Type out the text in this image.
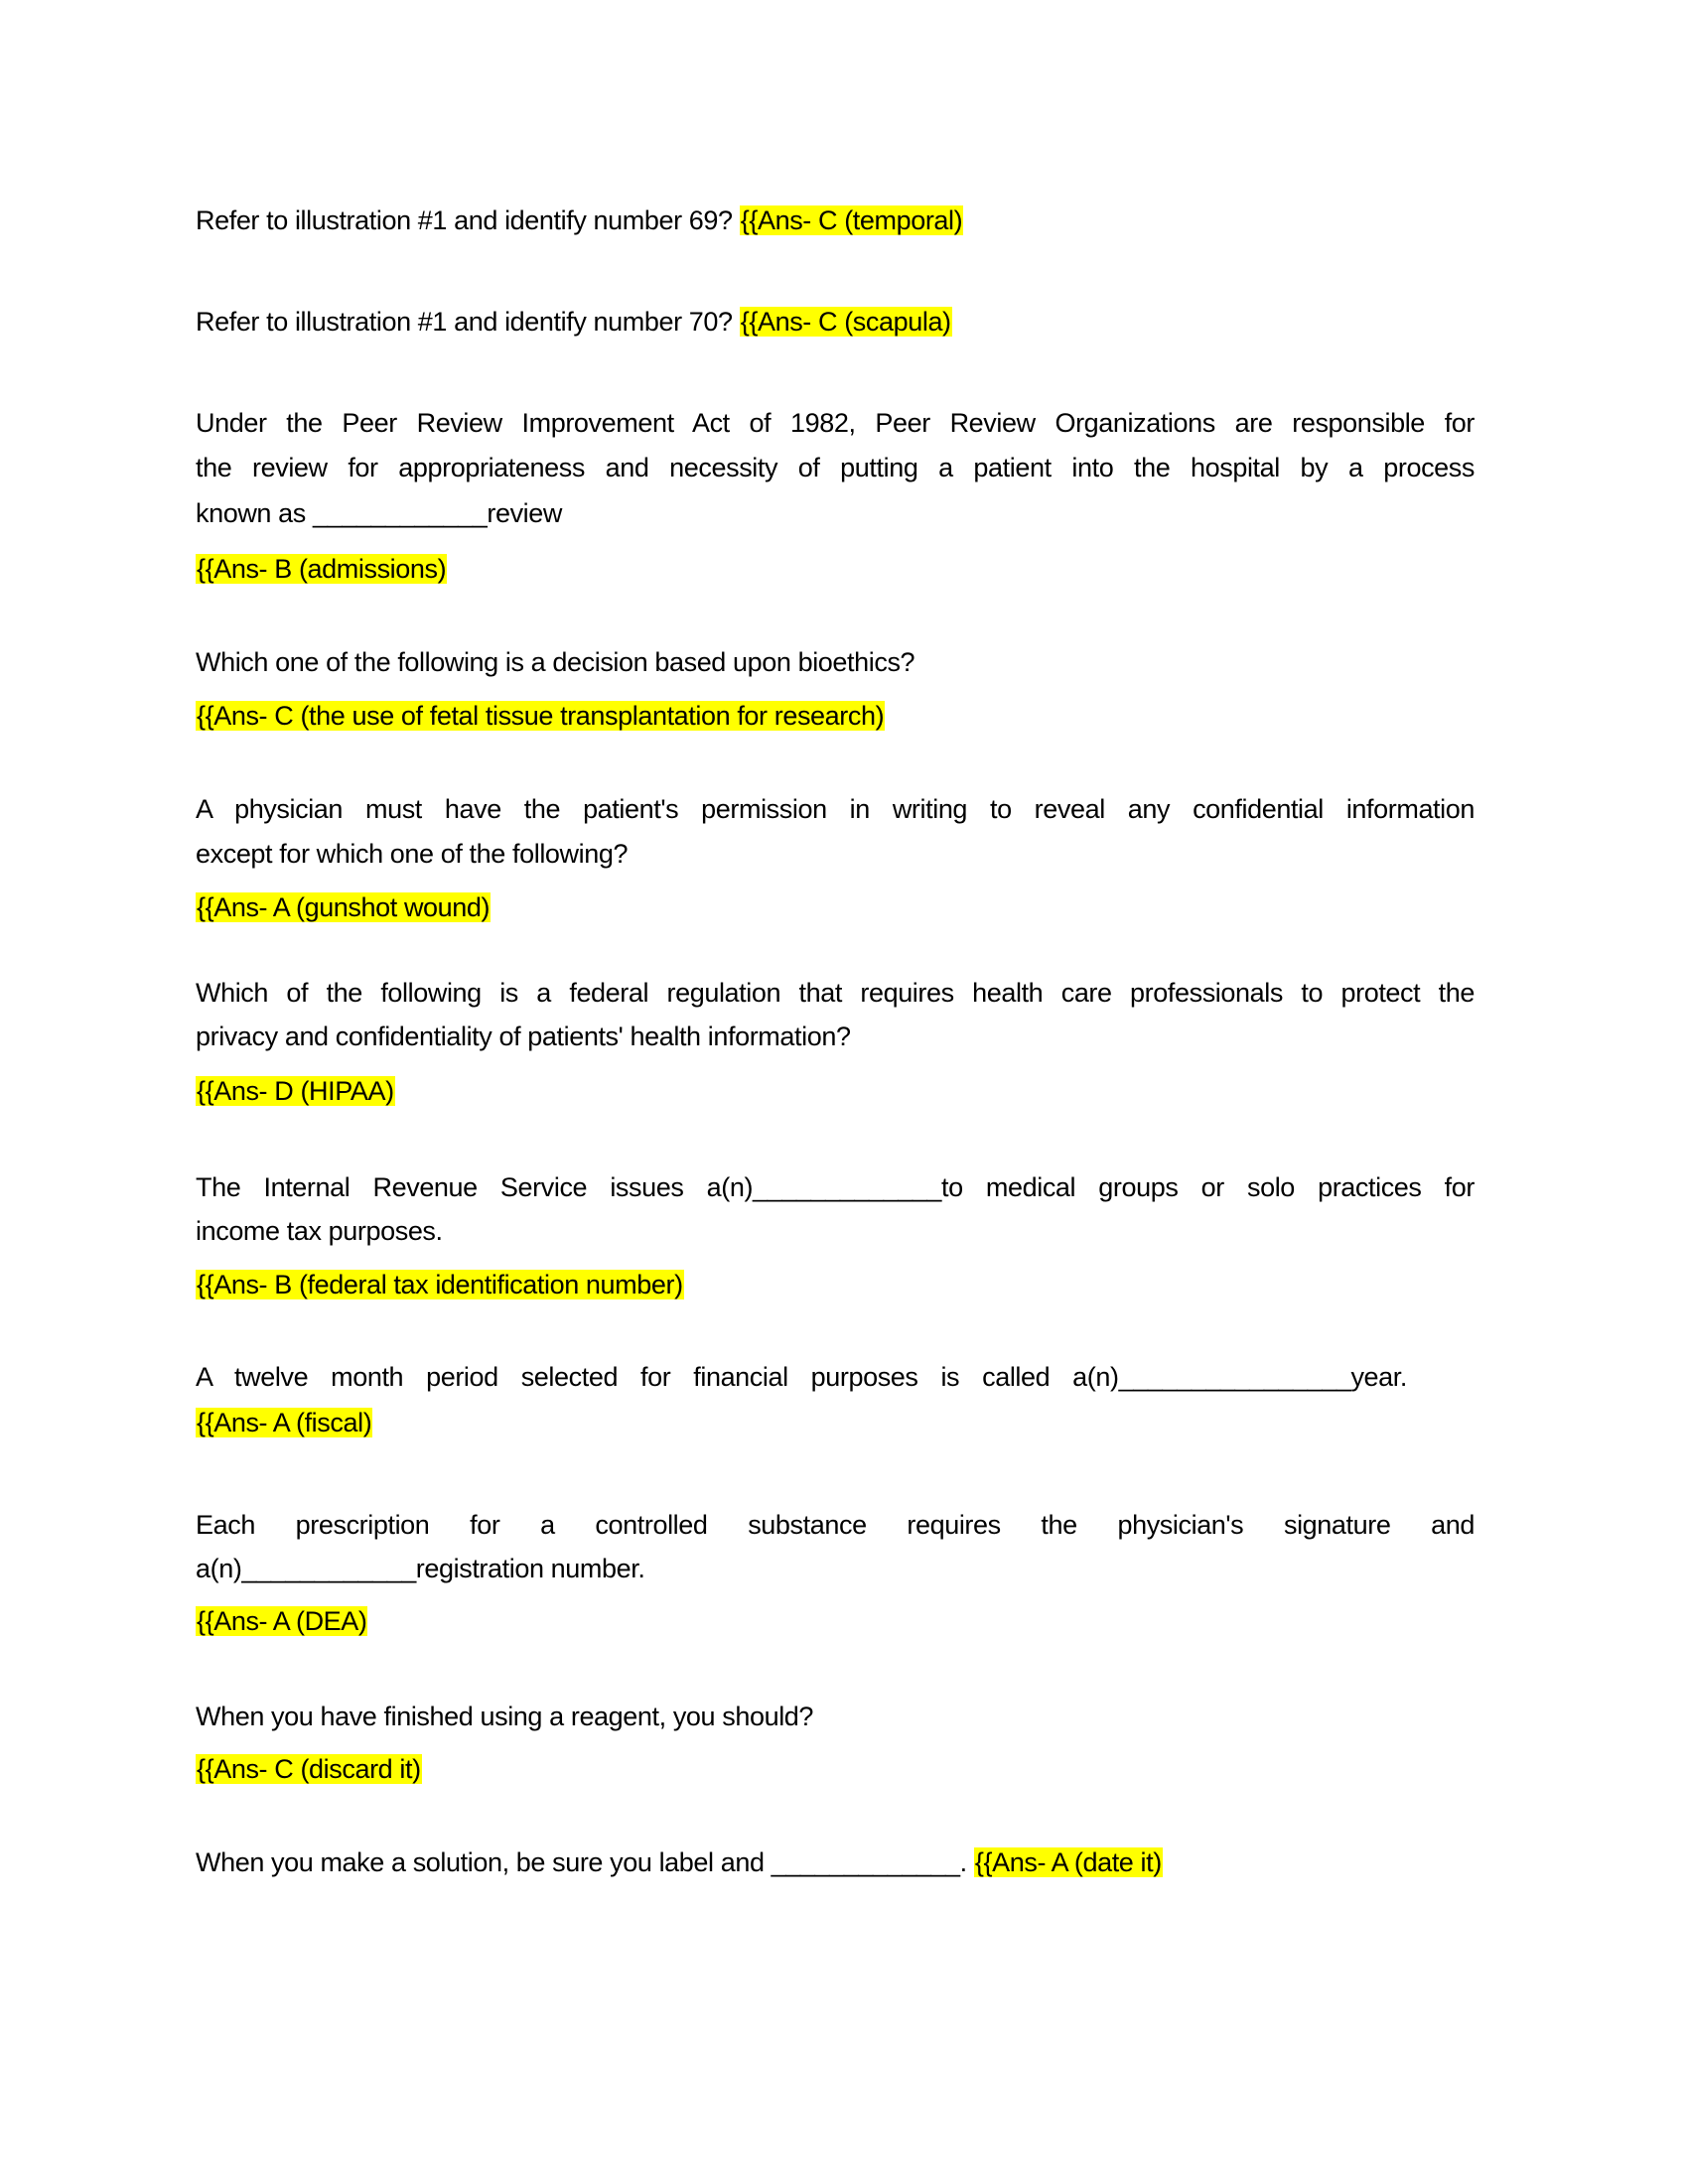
Refer to illustration #1 and identify number 69? {{Ans- C (temporal)
Refer to illustration #1 and identify number 70? {{Ans- C (scapula)
Under the Peer Review Improvement Act of 1982, Peer Review Organizations are responsible for
the review for appropriateness and necessity of putting a patient into the hospital by a process
known as ____________review
{{Ans- B (admissions)
Which one of the following is a decision based upon bioethics?
{{Ans- C (the use of fetal tissue transplantation for research)
A physician must have the patient's permission in writing to reveal any confidential information
except for which one of the following?
{{Ans- A (gunshot wound)
Which of the following is a federal regulation that requires health care professionals to protect the
privacy and confidentiality of patients' health information?
{{Ans- D (HIPAA)
The Internal Revenue Service issues a(n)_____________to medical groups or solo practices for
income tax purposes.
{{Ans- B (federal tax identification number)
A twelve month period selected for financial purposes is called a(n)________________year.
{{Ans- A (fiscal)
Each prescription for a controlled substance requires the physician's signature and
a(n)____________registration number.
{{Ans- A (DEA)
When you have finished using a reagent, you should?
{{Ans- C (discard it)
When you make a solution, be sure you label and _____________. {{Ans- A (date it)
